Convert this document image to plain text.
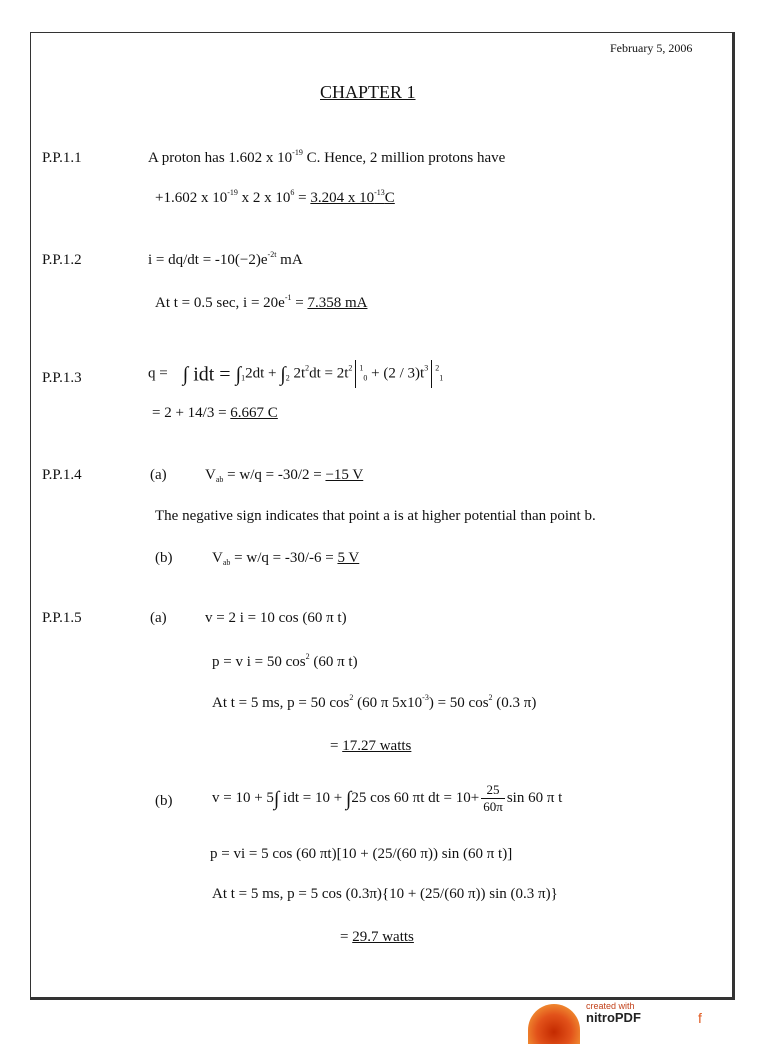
February 5, 2006
CHAPTER 1
P.P.1.1	A proton has 1.602 x $10^{-19}$ C. Hence, 2 million protons have
+1.602 x $10^{-19}$ x 2 x $10^6 = 3.204$ x $10^{-13}C$
P.P.1.2	$i = dq/dt = -10(-2)e^{-2t}$ mA
At t = 0.5 sec, $i = 20e^{-1} = 7.358$ mA
P.P.1.3	q = ∫ idt = $\int_12dt + \int_2$ $2t^2dt = 2t^2$ $^1_0 + (2 / 3)t^3$ $^2_1$
= 2 + 14/3 = 6.667 C
P.P.1.4	(a)	$V_{ab} = w/q = -30/2 = -15$ V
The negative sign indicates that point a is at higher potential than point b.
(b)	$V_{ab} = w/q = -30/-6 = 5$ V
P.P.1.5	(a)	v = 2 i = 10 cos (60 π t)
p = v i = 50 $\cos^2 (60$ π t)
At t = 5 ms, p = 50 $\cos^2 (60$ π $5x10^{-3}) = 50$ $\cos^2 (0.3$ π)
= 17.27 watts
(b)	v = 10 + 5∫ idt = 10 + ∫25 cos 60 πt dt = $10+ \frac{25}{60\pi}$ sin 60 π t
p = vi = 5 cos (60 πt)[10 + (25/(60 π)) sin (60 π t)]
At t = 5 ms, p = 5 cos (0.3π){10 + (25/(60 π)) sin (0.3 π)}
= 29.7 watts
created with
nitroPDF	f
